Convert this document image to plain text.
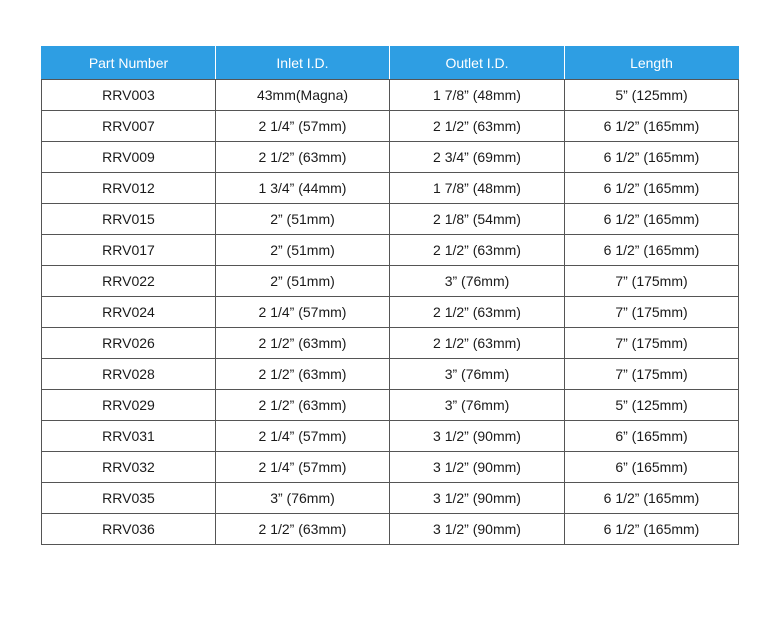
Part Number	Inlet I.D.	Outlet I.D.	Length
RRV003	43mm(Magna)	1 7/8” (48mm)	5” (125mm)
RRV007	2 1/4” (57mm)	2 1/2” (63mm)	6 1/2” (165mm)
RRV009	2 1/2” (63mm)	2 3/4” (69mm)	6 1/2” (165mm)
RRV012	1 3/4” (44mm)	1 7/8” (48mm)	6 1/2” (165mm)
RRV015	2” (51mm)	2 1/8” (54mm)	6 1/2” (165mm)
RRV017	2” (51mm)	2 1/2” (63mm)	6 1/2” (165mm)
RRV022	2” (51mm)	3” (76mm)	7” (175mm)
RRV024	2 1/4” (57mm)	2 1/2” (63mm)	7” (175mm)
RRV026	2 1/2” (63mm)	2 1/2” (63mm)	7” (175mm)
RRV028	2 1/2” (63mm)	3” (76mm)	7” (175mm)
RRV029	2 1/2” (63mm)	3” (76mm)	5” (125mm)
RRV031	2 1/4” (57mm)	3 1/2” (90mm)	6” (165mm)
RRV032	2 1/4” (57mm)	3 1/2” (90mm)	6” (165mm)
RRV035	3” (76mm)	3 1/2” (90mm)	6 1/2” (165mm)
RRV036	2 1/2” (63mm)	3 1/2” (90mm)	6 1/2” (165mm)
